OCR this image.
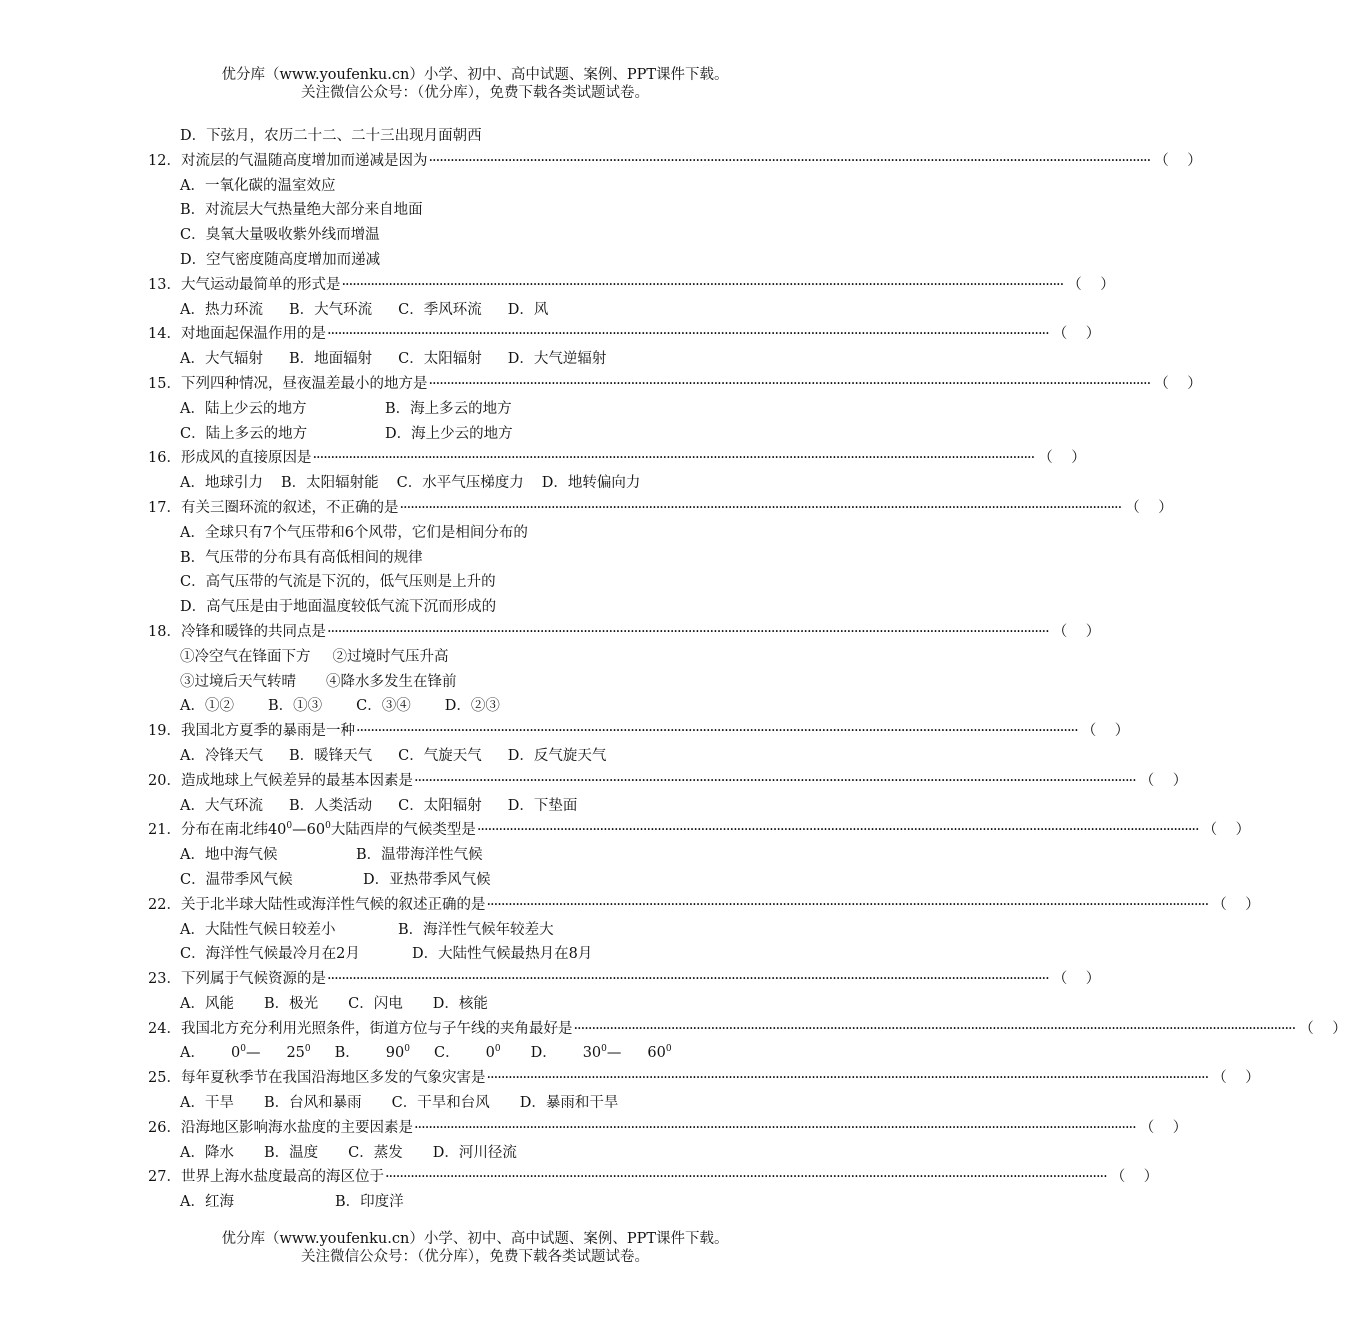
优分库（www.youfenku.cn）小学、初中、高中试题、案例、PPT课件下载。
关注微信公众号：（优分库），免费下载各类试题试卷。
D．下弦月，农历二十二、二十三出现月面朝西
12． 对流层的气温随高度增加而递减是因为 ········································································································································································································ （    ）
A．一氧化碳的温室效应
B．对流层大气热量绝大部分来自地面
C．臭氧大量吸收紫外线而增温
D．空气密度随高度增加而递减
13． 大气运动最简单的形式是 ········································································································································································································ （    ）
A．热力环流 B．大气环流 C．季风环流 D．风
14． 对地面起保温作用的是 ········································································································································································································ （    ）
A．大气辐射 B．地面辐射 C．太阳辐射 D．大气逆辐射
15． 下列四种情况，昼夜温差最小的地方是 ········································································································································································································ （    ）
A．陆上少云的地方	B．海上多云的地方
C．陆上多云的地方	D．海上少云的地方
16． 形成风的直接原因是 ········································································································································································································ （    ）
A．地球引力 B．太阳辐射能 C．水平气压梯度力 D．地转偏向力
17． 有关三圈环流的叙述，不正确的是 ········································································································································································································ （    ）
A．全球只有7个气压带和6个风带，它们是相间分布的
B．气压带的分布具有高低相间的规律
C．高气压带的气流是下沉的，低气压则是上升的
D．高气压是由于地面温度较低气流下沉而形成的
18． 冷锋和暖锋的共同点是 ········································································································································································································ （    ）
①冷空气在锋面下方 ②过境时气压升高
③过境后天气转晴 ④降水多发生在锋前
A．①② B．①③ C．③④ D．②③
19． 我国北方夏季的暴雨是一种 ········································································································································································································ （    ）
A．冷锋天气 B．暖锋天气 C．气旋天气 D．反气旋天气
20． 造成地球上气候差异的最基本因素是 ········································································································································································································ （    ）
A．大气环流 B．人类活动 C．太阳辐射 D．下垫面
21． 分布在南北纬$40^0—60^0$大陆西岸的气候类型是 ········································································································································································································ （    ）
A．地中海气候	B．温带海洋性气候
C．温带季风气候	D．亚热带季风气候
22． 关于北半球大陆性或海洋性气候的叙述正确的是 ········································································································································································································ （    ）
A．大陆性气候日较差小	B．海洋性气候年较差大
C．海洋性气候最冷月在2月	D．大陆性气候最热月在8月
23． 下列属于气候资源的是 ········································································································································································································ （    ）
A．风能 B．极光 C．闪电 D．核能
24． 我国北方充分利用光照条件，街道方位与子午线的夹角最好是 ········································································································································································································ （    ）
A． $0^0—$ $25^0$ B． $90^0$ C． $0^0$ D． $30^0—$ $60^0$
25． 每年夏秋季节在我国沿海地区多发的气象灾害是 ········································································································································································································ （    ）
A．干旱 B．台风和暴雨 C．干旱和台风 D．暴雨和干旱
26． 沿海地区影响海水盐度的主要因素是 ········································································································································································································ （    ）
A．降水 B．温度 C．蒸发 D．河川径流
27． 世界上海水盐度最高的海区位于 ········································································································································································································ （    ）
A．红海	B．印度洋
优分库（www.youfenku.cn）小学、初中、高中试题、案例、PPT课件下载。
关注微信公众号：（优分库），免费下载各类试题试卷。
